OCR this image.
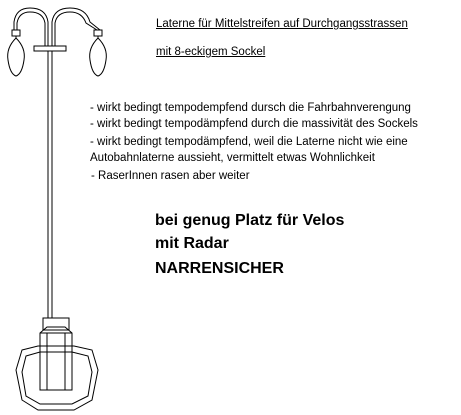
Laterne für Mittelstreifen auf Durchgangsstrassen
mit 8-eckigem Sockel
- wirkt bedingt tempodempfend dursch die Fahrbahnverengung
- wirkt bedingt tempodämpfend durch die massivität des Sockels
- wirkt bedingt tempodämpfend, weil die Laterne nicht wie eine
Autobahnlaterne aussieht, vermittelt etwas Wohnlichkeit
- RaserInnen rasen aber weiter
bei genug Platz für Velos
mit Radar
NARRENSICHER
